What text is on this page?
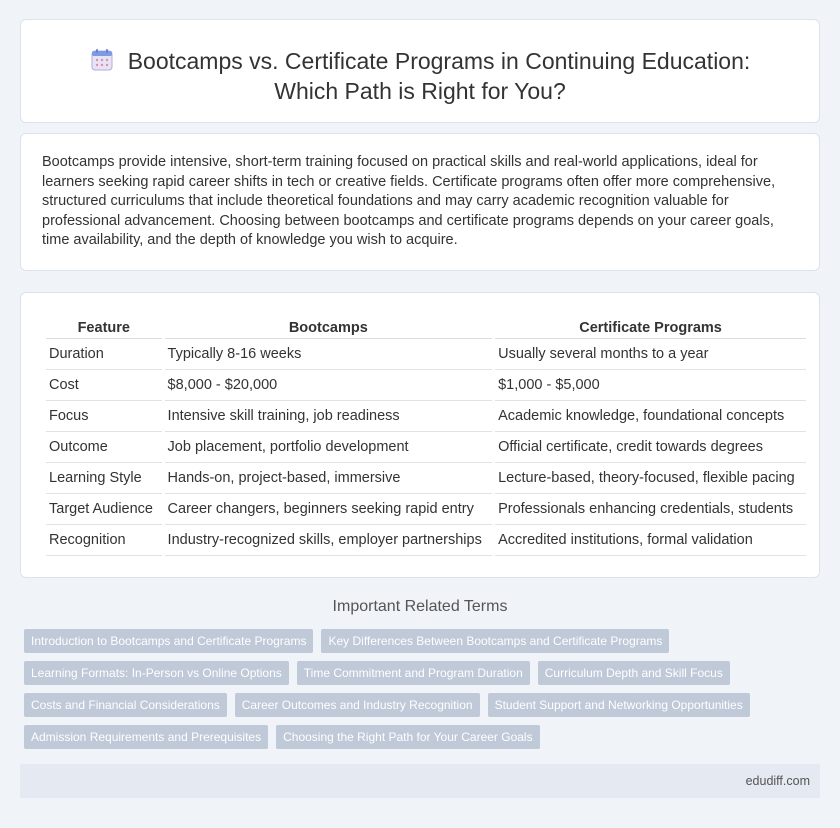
Bootcamps vs. Certificate Programs in Continuing Education:
Which Path is Right for You?

Bootcamps provide intensive, short-term training focused on practical skills and real-world applications, ideal for learners seeking rapid career shifts in tech or creative fields. Certificate programs often offer more comprehensive, structured curriculums that include theoretical foundations and may carry academic recognition valuable for professional advancement. Choosing between bootcamps and certificate programs depends on your career goals, time availability, and the depth of knowledge you wish to acquire.

Feature	Bootcamps	Certificate Programs
Duration	Typically 8-16 weeks	Usually several months to a year
Cost	$8,000 - $20,000	$1,000 - $5,000
Focus	Intensive skill training, job readiness	Academic knowledge, foundational concepts
Outcome	Job placement, portfolio development	Official certificate, credit towards degrees
Learning Style	Hands-on, project-based, immersive	Lecture-based, theory-focused, flexible pacing
Target Audience	Career changers, beginners seeking rapid entry	Professionals enhancing credentials, students
Recognition	Industry-recognized skills, employer partnerships	Accredited institutions, formal validation
Important Related Terms
Introduction to Bootcamps and Certificate Programs	Key Differences Between Bootcamps and Certificate Programs
Learning Formats: In-Person vs Online Options	Time Commitment and Program Duration	Curriculum Depth and Skill Focus
Costs and Financial Considerations	Career Outcomes and Industry Recognition	Student Support and Networking Opportunities
Admission Requirements and Prerequisites	Choosing the Right Path for Your Career Goals
edudiff.com
